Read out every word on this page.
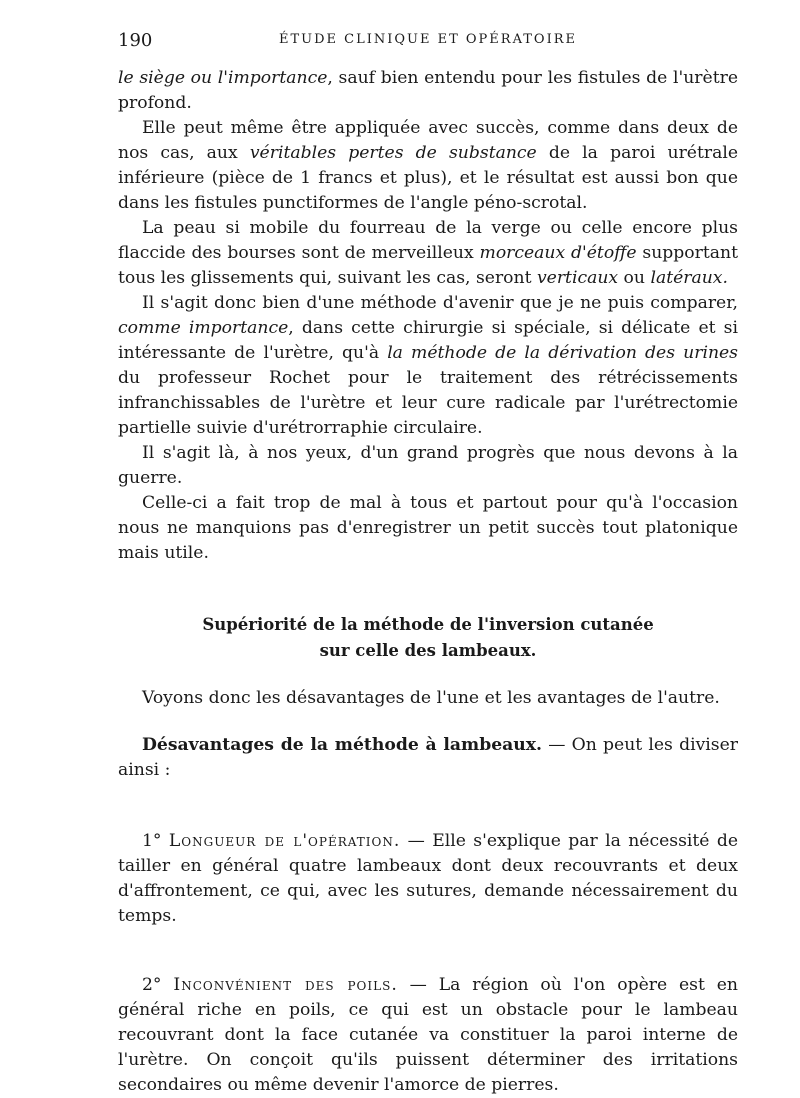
190	ÉTUDE CLINIQUE ET OPÉRATOIRE

le siège ou l'importance, sauf bien entendu pour les fistules de l'urètre profond.

Elle peut même être appliquée avec succès, comme dans deux de nos cas, aux véritables pertes de substance de la paroi urétrale inférieure (pièce de 1 francs et plus), et le résultat est aussi bon que dans les fistules punctiformes de l'angle péno-scrotal.

La peau si mobile du fourreau de la verge ou celle encore plus flaccide des bourses sont de merveilleux morceaux d'étoffe supportant tous les glissements qui, suivant les cas, seront verticaux ou latéraux.

Il s'agit donc bien d'une méthode d'avenir que je ne puis comparer, comme importance, dans cette chirurgie si spéciale, si délicate et si intéressante de l'urètre, qu'à la méthode de la dérivation des urines du professeur Rochet pour le traitement des rétrécissements infranchissables de l'urètre et leur cure radicale par l'urétrectomie partielle suivie d'urétrorraphie circulaire.

Il s'agit là, à nos yeux, d'un grand progrès que nous devons à la guerre.

Celle-ci a fait trop de mal à tous et partout pour qu'à l'occasion nous ne manquions pas d'enregistrer un petit succès tout platonique mais utile.

Supériorité de la méthode de l'inversion cutanée

sur celle des lambeaux.

Voyons donc les désavantages de l'une et les avantages de l'autre.

Désavantages de la méthode à lambeaux. — On peut les diviser ainsi :

1° Longueur de l'opération. — Elle s'explique par la nécessité de tailler en général quatre lambeaux dont deux recouvrants et deux d'affrontement, ce qui, avec les sutures, demande nécessairement du temps.

2° Inconvénient des poils. — La région où l'on opère est en général riche en poils, ce qui est un obstacle pour le lambeau recouvrant dont la face cutanée va constituer la paroi interne de l'urètre. On conçoit qu'ils puissent déterminer des irritations secondaires ou même devenir l'amorce de pierres.
